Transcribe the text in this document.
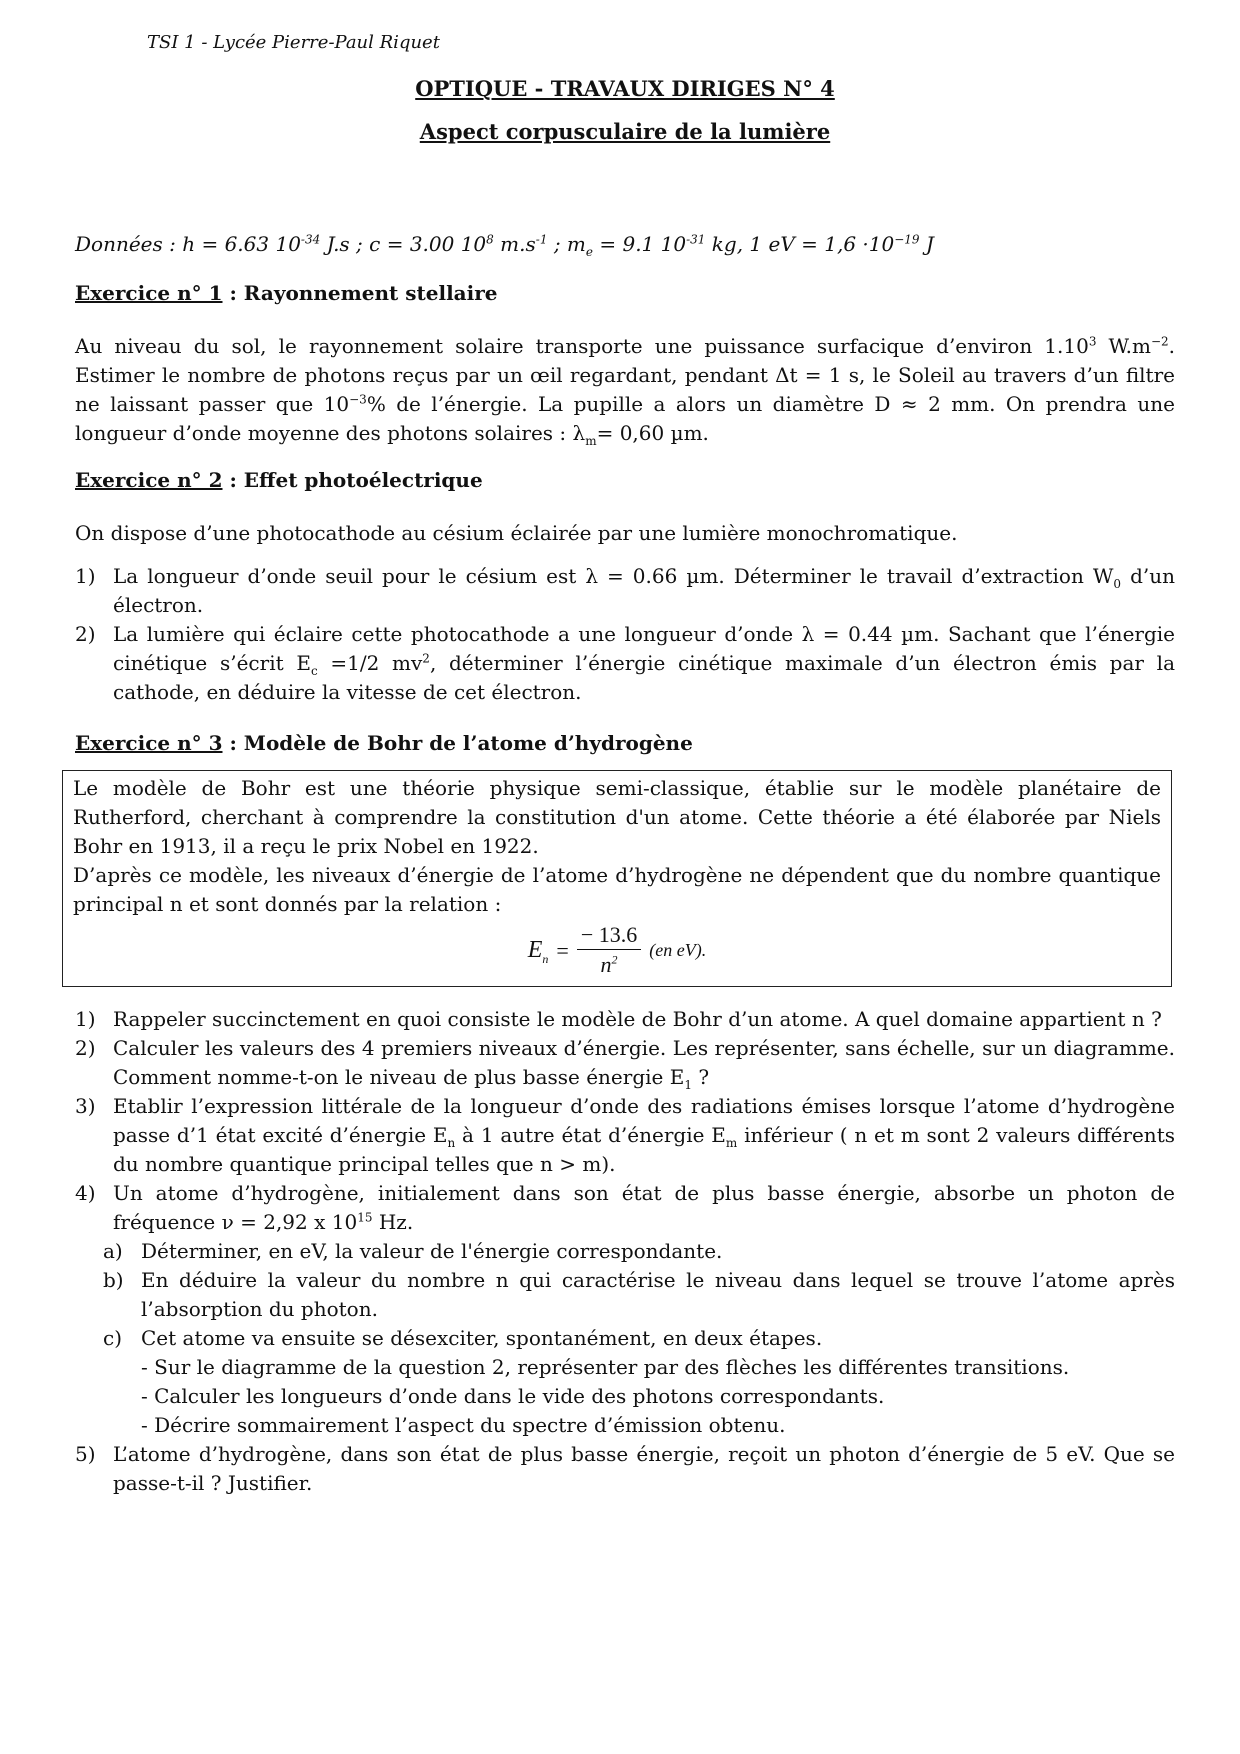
TSI 1 - Lycée Pierre-Paul Riquet
OPTIQUE - TRAVAUX DIRIGES N° 4
Aspect corpusculaire de la lumière

Données : h = 6.63 $10^{-34}$ J.s ; c = 3.00 $10^8$ $m.s^{-1}$ ; $m_e = 9.1$ $10^{-31}$ kg, 1 eV = $1,6 \cdot 10^{-19}$ J

Exercice n° 1 : Rayonnement stellaire

Au niveau du sol, le rayonnement solaire transporte une puissance surfacique d’environ 1.10$^3$ $W.m^{-2}$. Estimer le nombre de photons reçus par un œil regardant, pendant Δt = 1 s, le Soleil au travers d’un filtre ne laissant passer que $10^{-3}\%$ de l’énergie. La pupille a alors un diamètre D ≈ 2 mm. On prendra une longueur d’onde moyenne des photons solaires : $\lambda_m= 0,60$ µm.

Exercice n° 2 : Effet photoélectrique

On dispose d’une photocathode au césium éclairée par une lumière monochromatique.

1) La longueur d’onde seuil pour le césium est λ = 0.66 µm. Déterminer le travail d’extraction $W_0$ d’un électron.
2) La lumière qui éclaire cette photocathode a une longueur d’onde λ = 0.44 µm. Sachant que l’énergie cinétique s’écrit $E_c =1/2$ $mv^2$, déterminer l’énergie cinétique maximale d’un électron émis par la cathode, en déduire la vitesse de cet électron.
Exercice n° 3 : Modèle de Bohr de l’atome d’hydrogène

Le modèle de Bohr est une théorie physique semi-classique, établie sur le modèle planétaire de Rutherford, cherchant à comprendre la constitution d'un atome. Cette théorie a été élaborée par Niels Bohr en 1913, il a reçu le prix Nobel en 1922.

D’après ce modèle, les niveaux d’énergie de l’atome d’hydrogène ne dépendent que du nombre quantique principal n et sont donnés par la relation :

$E_n = \frac{- 13.6}{n^2} (en$ eV).
1) Rappeler succinctement en quoi consiste le modèle de Bohr d’un atome. A quel domaine appartient n ?
2) Calculer les valeurs des 4 premiers niveaux d’énergie. Les représenter, sans échelle, sur un diagramme. Comment nomme-t-on le niveau de plus basse énergie $E_1$ ?
3) Etablir l’expression littérale de la longueur d’onde des radiations émises lorsque l’atome d’hydrogène passe d’1 état excité d’énergie $E_n$ à 1 autre état d’énergie $E_m$ inférieur ( n et m sont 2 valeurs différents du nombre quantique principal telles que n > m).
4) Un atome d’hydrogène, initialement dans son état de plus basse énergie, absorbe un photon de fréquence ν = 2,92 x $10^{15}$ Hz.
a) Déterminer, en eV, la valeur de l'énergie correspondante.
b) En déduire la valeur du nombre n qui caractérise le niveau dans lequel se trouve l’atome après l’absorption du photon.
c) Cet atome va ensuite se désexciter, spontanément, en deux étapes.
- Sur le diagramme de la question 2, représenter par des flèches les différentes transitions.
- Calculer les longueurs d’onde dans le vide des photons correspondants.
- Décrire sommairement l’aspect du spectre d’émission obtenu.
5) L’atome d’hydrogène, dans son état de plus basse énergie, reçoit un photon d’énergie de 5 eV. Que se passe-t-il ? Justifier.
